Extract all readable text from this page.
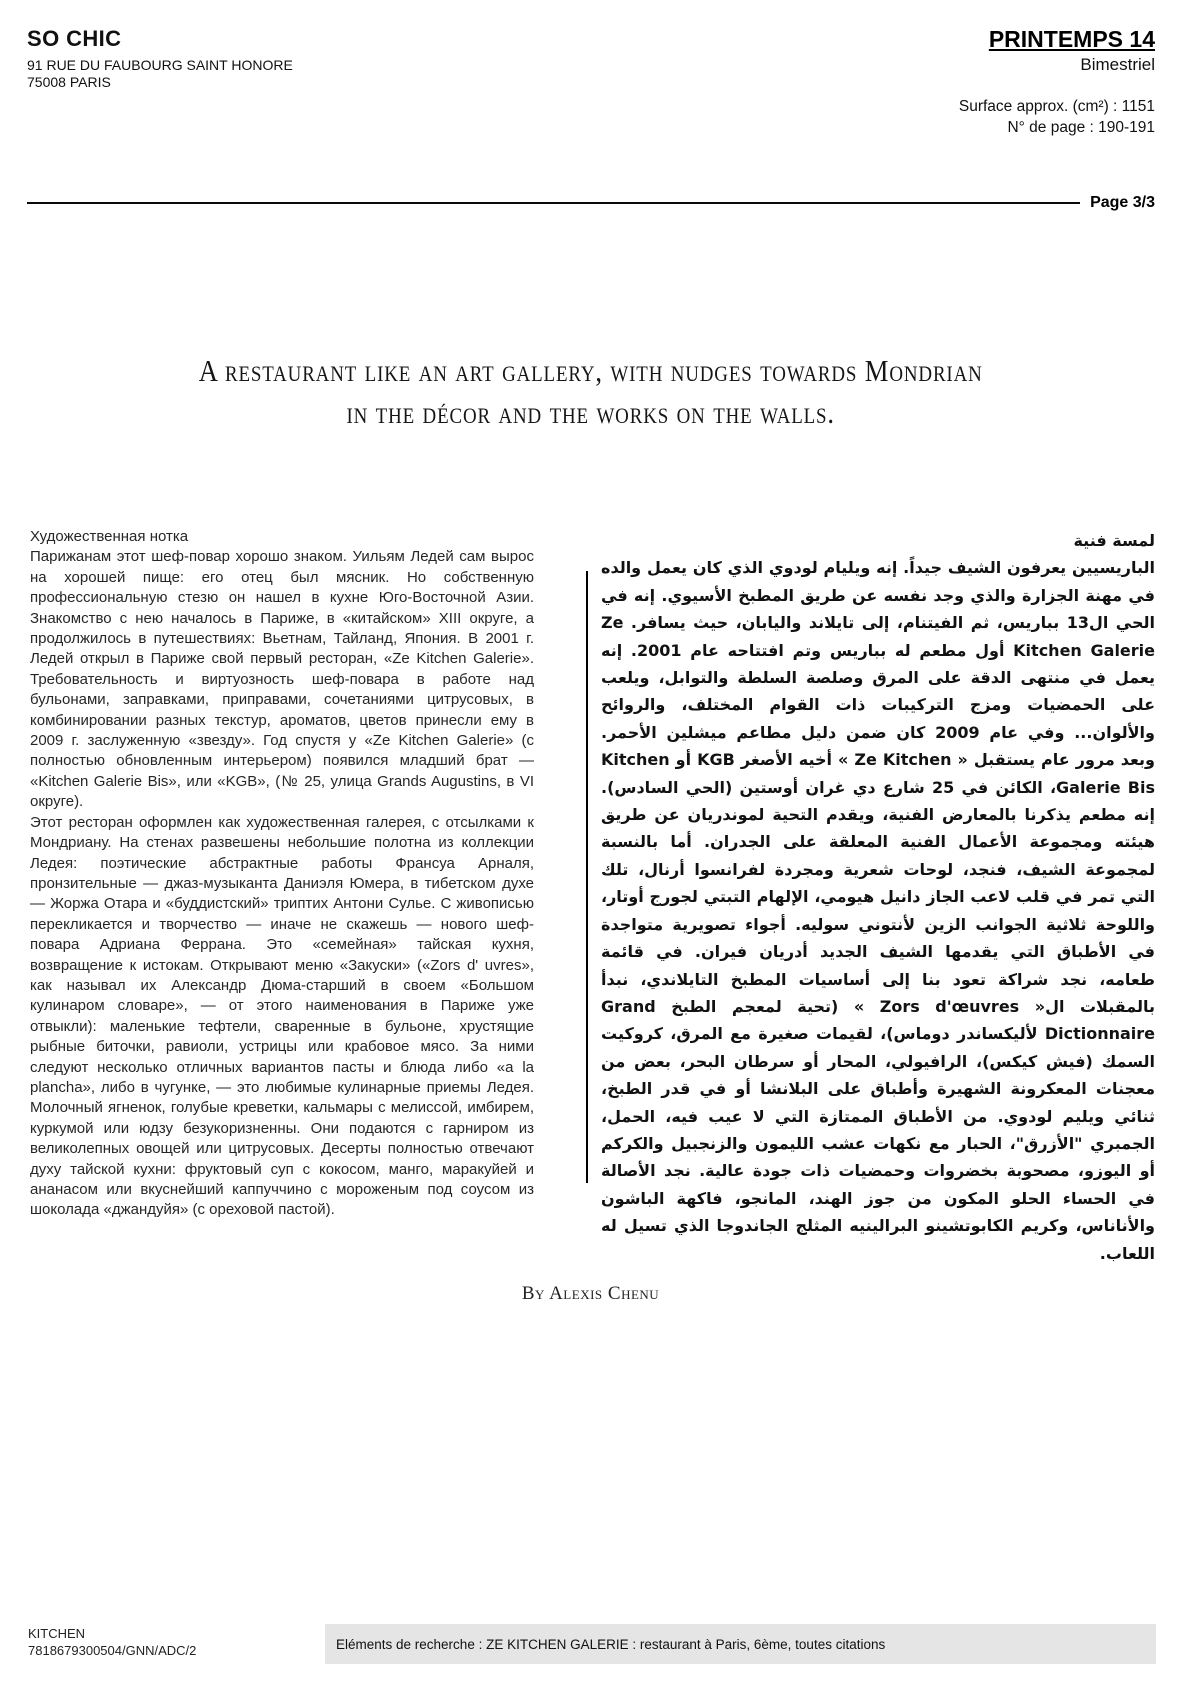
SO CHIC
91 RUE DU FAUBOURG SAINT HONORE
75008 PARIS
PRINTEMPS 14
Bimestriel
Surface approx. (cm²) : 1151
N° de page : 190-191
Page 3/3
A restaurant like an art gallery, with nudges towards Mondrian
in the décor and the works on the walls.

Художественная нотка

Парижанам этот шеф-повар хорошо знаком. Уильям Ледей сам вырос на хорошей пище: его отец был мясник. Но собственную профессиональную стезю он нашел в кухне Юго-Восточной Азии. Знакомство с нею началось в Париже, в «китайском» XIII округе, а продолжилось в путешествиях: Вьетнам, Тайланд, Япония. В 2001 г. Ледей открыл в Париже свой первый ресторан, «Ze Kitchen Galerie». Требовательность и виртуозность шеф-повара в работе над бульонами, заправками, приправами, сочетаниями цитрусовых, в комбинировании разных текстур, ароматов, цветов принесли ему в 2009 г. заслуженную «звезду». Год спустя у «Ze Kitchen Galerie» (с полностью обновленным интерьером) появился младший брат — «Kitchen Galerie Bis», или «KGB», (№ 25, улица Grands Augustins, в VI округе).

Этот ресторан оформлен как художественная галерея, с отсылками к Мондриану. На стенах развешены небольшие полотна из коллекции Ледея: поэтические абстрактные работы Франсуа Арналя, пронзительные — джаз-музыканта Даниэля Юмера, в тибетском духе — Жоржа Отара и «буддистский» триптих Антони Сулье. С живописью перекликается и творчество — иначе не скажешь — нового шеф-повара Адриана Феррана. Это «семейная» тайская кухня, возвращение к истокам. Открывают меню «Закуски» («Zors d' uvres», как называл их Александр Дюма-старший в своем «Большом кулинаром словаре», — от этого наименования в Париже уже отвыкли): маленькие тефтели, сваренные в бульоне, хрустящие рыбные биточки, равиоли, устрицы или крабовое мясо. За ними следуют несколько отличных вариантов пасты и блюда либо «a la plancha», либо в чугунке, — это любимые кулинарные приемы Ледея. Молочный ягненок, голубые креветки, кальмары с мелиссой, имбирем, куркумой или юдзу безукоризненны. Они подаются с гарниром из великолепных овощей или цитрусовых. Десерты полностью отвечают духу тайской кухни: фруктовый суп с кокосом, манго, маракуйей и ананасом или вкуснейший каппуччино с мороженым под соусом из шоколада «джандуйя» (с ореховой пастой).

لمسة فنية

الباريسيين يعرفون الشيف جيداً. إنه ويليام لودوي الذي كان يعمل والده في مهنة الجزارة والذي وجد نفسه عن طريق المطبخ الأسيوي. إنه في الحي ال13 بباريس، ثم الفيتنام، إلى تايلاند واليابان، حيث يسافر. Ze Kitchen Galerie أول مطعم له بباريس وتم افتتاحه عام 2001. إنه يعمل في منتهى الدقة على المرق وصلصة السلطة والتوابل، ويلعب على الحمضيات ومزج التركيبات ذات القوام المختلف، والروائح والألوان... وفي عام 2009 كان ضمن دليل مطاعم ميشلين الأحمر. وبعد مرور عام يستقبل « Ze Kitchen » أخيه الأصغر KGB أو Kitchen Galerie Bis، الكائن في 25 شارع دي غران أوستين (الحي السادس). إنه مطعم يذكرنا بالمعارض الفنية، ويقدم التحية لموندريان عن طريق هيئته ومجموعة الأعمال الفنية المعلقة على الجدران. أما بالنسبة لمجموعة الشيف، فنجد، لوحات شعرية ومجردة لفرانسوا أرنال، تلك التي تمر في قلب لاعب الجاز دانيل هيومي، الإلهام التبتي لجورج أوتار، واللوحة ثلاثية الجوانب الزين لأنتوني سوليه. أجواء تصويرية متواجدة في الأطباق التي يقدمها الشيف الجديد أدريان فيران. في قائمة طعامه، نجد شراكة تعود بنا إلى أساسيات المطبخ التايلاندي، نبدأ بالمقبلات ال« Zors d'œuvres » (تحية لمعجم الطبخ Grand Dictionnaire لأليكساندر دوماس)، لقيمات صغيرة مع المرق، كروكيت السمك (فيش كيكس)، الرافيولي، المحار أو سرطان البحر، بعض من معجنات المعكرونة الشهيرة وأطباق على البلانشا أو في قدر الطبخ، ثنائي ويليم لودوي. من الأطباق الممتازة التي لا عيب فيه، الحمل، الجمبري "الأزرق"، الحبار مع نكهات عشب الليمون والزنجبيل والكركم أو اليوزو، مصحوبة بخضروات وحمضيات ذات جودة عالية. نجد الأصالة في الحساء الحلو المكون من جوز الهند، المانجو، فاكهة الباشون والأناناس، وكريم الكابوتشينو البرالينيه المثلج الجاندوجا الذي تسيل له اللعاب.

By Alexis Chenu
KITCHEN
7818679300504/GNN/ADC/2	Eléments de recherche : ZE KITCHEN GALERIE : restaurant à Paris, 6ème, toutes citations
